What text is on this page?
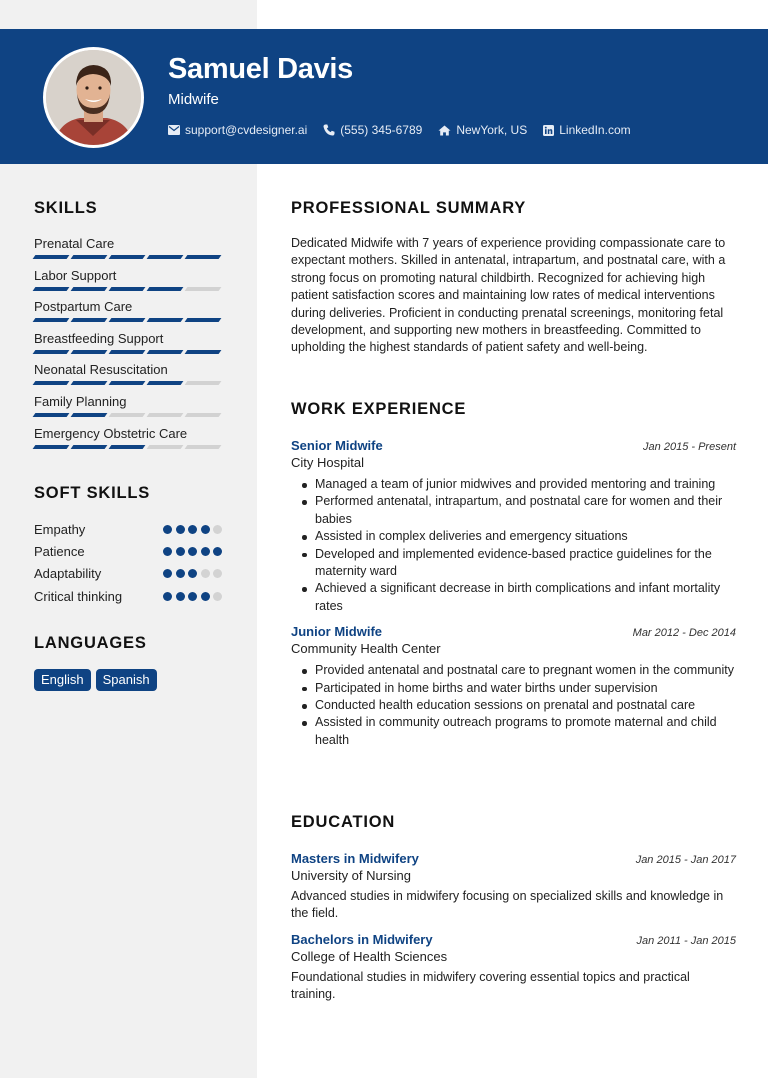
Samuel Davis
Midwife
support@cvdesigner.ai	(555) 345-6789	NewYork, US	LinkedIn.com
SKILLS
Prenatal Care
Labor Support
Postpartum Care
Breastfeeding Support
Neonatal Resuscitation
Family Planning
Emergency Obstetric Care
SOFT SKILLS
Empathy
Patience
Adaptability
Critical thinking
LANGUAGES
English	Spanish
PROFESSIONAL SUMMARY

Dedicated Midwife with 7 years of experience providing compassionate care to expectant mothers. Skilled in antenatal, intrapartum, and postnatal care, with a strong focus on promoting natural childbirth. Recognized for achieving high patient satisfaction scores and maintaining low rates of medical interventions during deliveries. Proficient in conducting prenatal screenings, monitoring fetal development, and supporting new mothers in breastfeeding. Committed to upholding the highest standards of patient safety and well-being.

WORK EXPERIENCE
Senior Midwife	Jan 2015 - Present
City Hospital
Managed a team of junior midwives and provided mentoring and training
Performed antenatal, intrapartum, and postnatal care for women and their babies
Assisted in complex deliveries and emergency situations
Developed and implemented evidence-based practice guidelines for the maternity ward
Achieved a significant decrease in birth complications and infant mortality rates
Junior Midwife	Mar 2012 - Dec 2014
Community Health Center
Provided antenatal and postnatal care to pregnant women in the community
Participated in home births and water births under supervision
Conducted health education sessions on prenatal and postnatal care
Assisted in community outreach programs to promote maternal and child health
EDUCATION
Masters in Midwifery	Jan 2015 - Jan 2017
University of Nursing
Advanced studies in midwifery focusing on specialized skills and knowledge in the field.
Bachelors in Midwifery	Jan 2011 - Jan 2015
College of Health Sciences
Foundational studies in midwifery covering essential topics and practical training.
